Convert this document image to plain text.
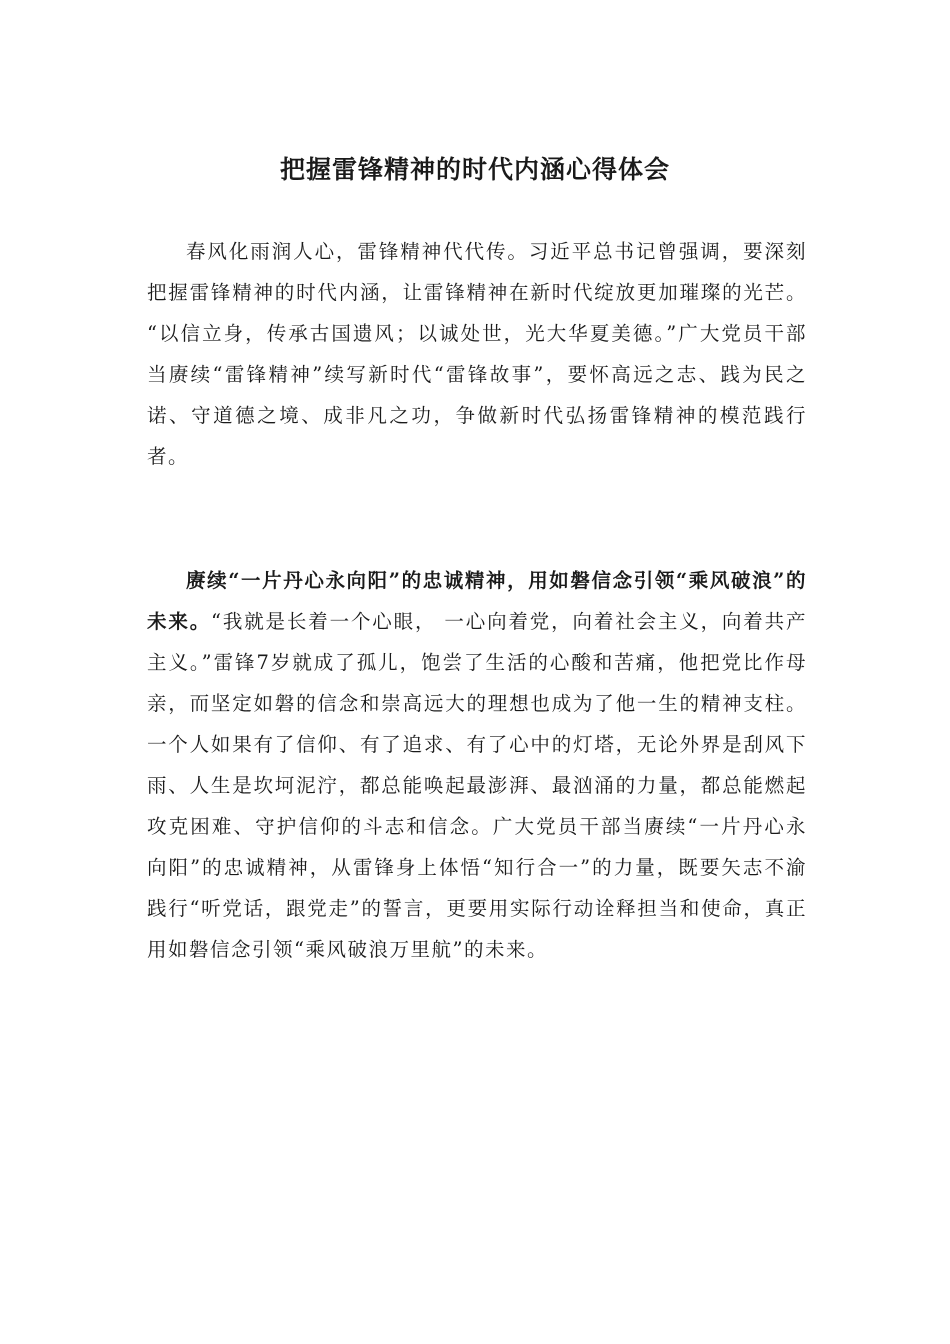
把握雷锋精神的时代内涵心得体会

春风化雨润人心，雷锋精神代代传。习近平总书记曾强调，要深刻把握雷锋精神的时代内涵，让雷锋精神在新时代绽放更加璀璨的光芒。 “以信立身，传承古国遗风；以诚处世，光大华夏美德。”广大党员干部当赓续“雷锋精神”续写新时代“雷锋故事”，要怀高远之志、践为民之诺、守道德之境、成非凡之功，争做新时代弘扬雷锋精神的模范践行者。

赓续“一片丹心永向阳”的忠诚精神，用如磐信念引领“乘风破浪”的未来。“我就是长着一个心眼， 一心向着党，向着社会主义，向着共产主义。”雷锋7岁就成了孤儿，饱尝了生活的心酸和苦痛，他把党比作母亲，而坚定如磐的信念和崇高远大的理想也成为了他一生的精神支柱。 一个人如果有了信仰、有了追求、有了心中的灯塔，无论外界是刮风下雨、人生是坎坷泥泞，都总能唤起最澎湃、最汹涌的力量，都总能燃起攻克困难、守护信仰的斗志和信念。广大党员干部当赓续“一片丹心永向阳”的忠诚精神，从雷锋身上体悟“知行合一”的力量，既要矢志不渝践行“听党话，跟党走”的誓言，更要用实际行动诠释担当和使命，真正用如磐信念引领“乘风破浪万里航”的未来。
